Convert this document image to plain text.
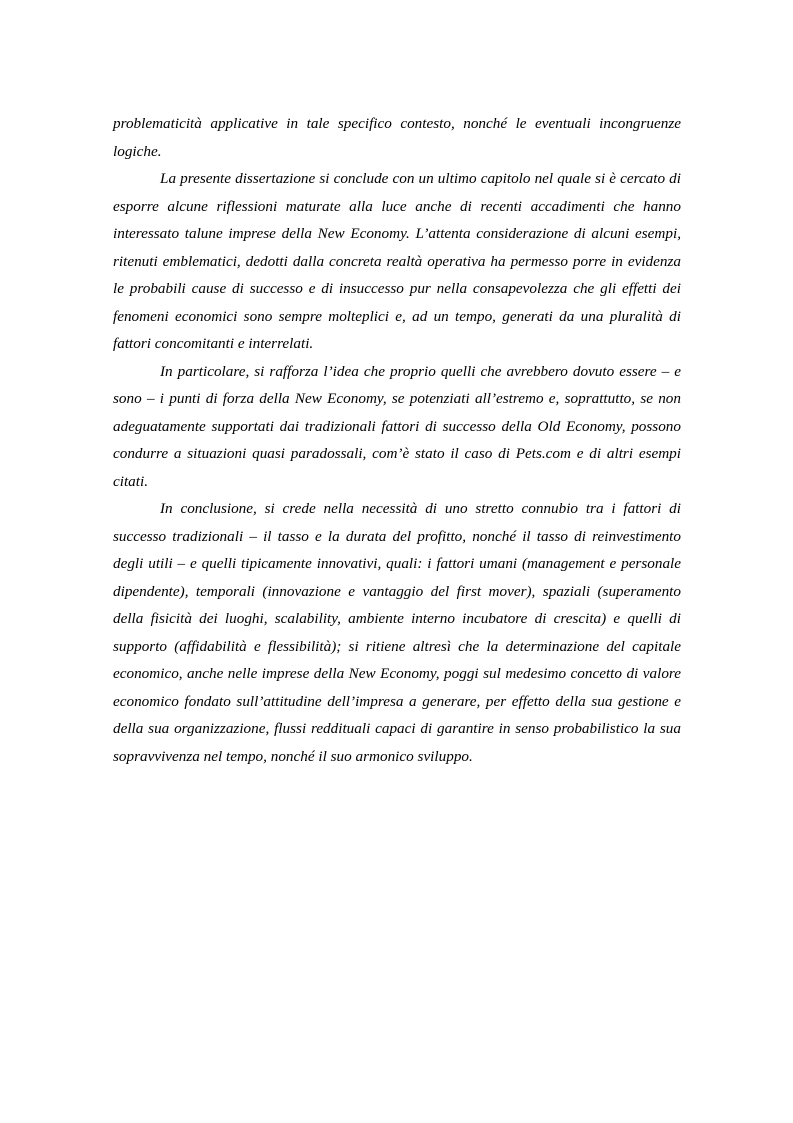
problematicità applicative in tale specifico contesto, nonché le eventuali incongruenze logiche.

La presente dissertazione si conclude con un ultimo capitolo nel quale si è cercato di esporre alcune riflessioni maturate alla luce anche di recenti accadimenti che hanno interessato talune imprese della New Economy. L’attenta considerazione di alcuni esempi, ritenuti emblematici, dedotti dalla concreta realtà operativa ha permesso porre in evidenza le probabili cause di successo e di insuccesso pur nella consapevolezza che gli effetti dei fenomeni economici sono sempre molteplici e, ad un tempo, generati da una pluralità di fattori concomitanti e interrelati.

In particolare, si rafforza l’idea che proprio quelli che avrebbero dovuto essere – e sono – i punti di forza della New Economy, se potenziati all’estremo e, soprattutto, se non adeguatamente supportati dai tradizionali fattori di successo della Old Economy, possono condurre a situazioni quasi paradossali, com’è stato il caso di Pets.com e di altri esempi citati.

In conclusione, si crede nella necessità di uno stretto connubio tra i fattori di successo tradizionali – il tasso e la durata del profitto, nonché il tasso di reinvestimento degli utili – e quelli tipicamente innovativi, quali: i fattori umani (management e personale dipendente), temporali (innovazione e vantaggio del first mover), spaziali (superamento della fisicità dei luoghi, scalability, ambiente interno incubatore di crescita) e quelli di supporto (affidabilità e flessibilità); si ritiene altresì che la determinazione del capitale economico, anche nelle imprese della New Economy, poggi sul medesimo concetto di valore economico fondato sull’attitudine dell’impresa a generare, per effetto della sua gestione e della sua organizzazione, flussi reddituali capaci di garantire in senso probabilistico la sua sopravvivenza nel tempo, nonché il suo armonico sviluppo.
